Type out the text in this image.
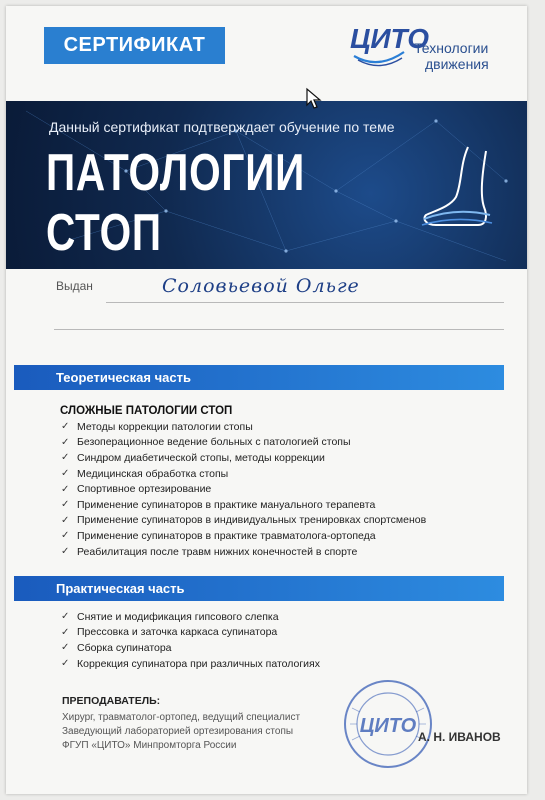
СЕРТИФИКАТ	ЦИТО
Технологии
движения
Данный сертификат подтверждает обучение по теме
ПАТОЛОГИИ СТОП
Выдан	Соловьевой Ольге
Теоретическая часть
СЛОЖНЫЕ ПАТОЛОГИИ СТОП
✓ Методы коррекции патологии стопы
✓ Безоперационное ведение больных с патологией стопы
✓ Синдром диабетической стопы, методы коррекции
✓ Медицинская обработка стопы
✓ Спортивное ортезирование
✓ Применение супинаторов в практике мануального терапевта
✓ Применение супинаторов в индивидуальных тренировках спортсменов
✓ Применение супинаторов в практике травматолога-ортопеда
✓ Реабилитация после травм нижних конечностей в спорте
Практическая часть
✓ Снятие и модификация гипсового слепка
✓ Прессовка и заточка каркаса супинатора
✓ Сборка супинатора
✓ Коррекция супинатора при различных патологиях
ПРЕПОДАВАТЕЛЬ:
Хирург, травматолог-ортопед, ведущий специалист
Заведующий лабораторией ортезирования стопы
ФГУП «ЦИТО» Минпромторга России
ЦИТО А. Н. ИВАНОВ
